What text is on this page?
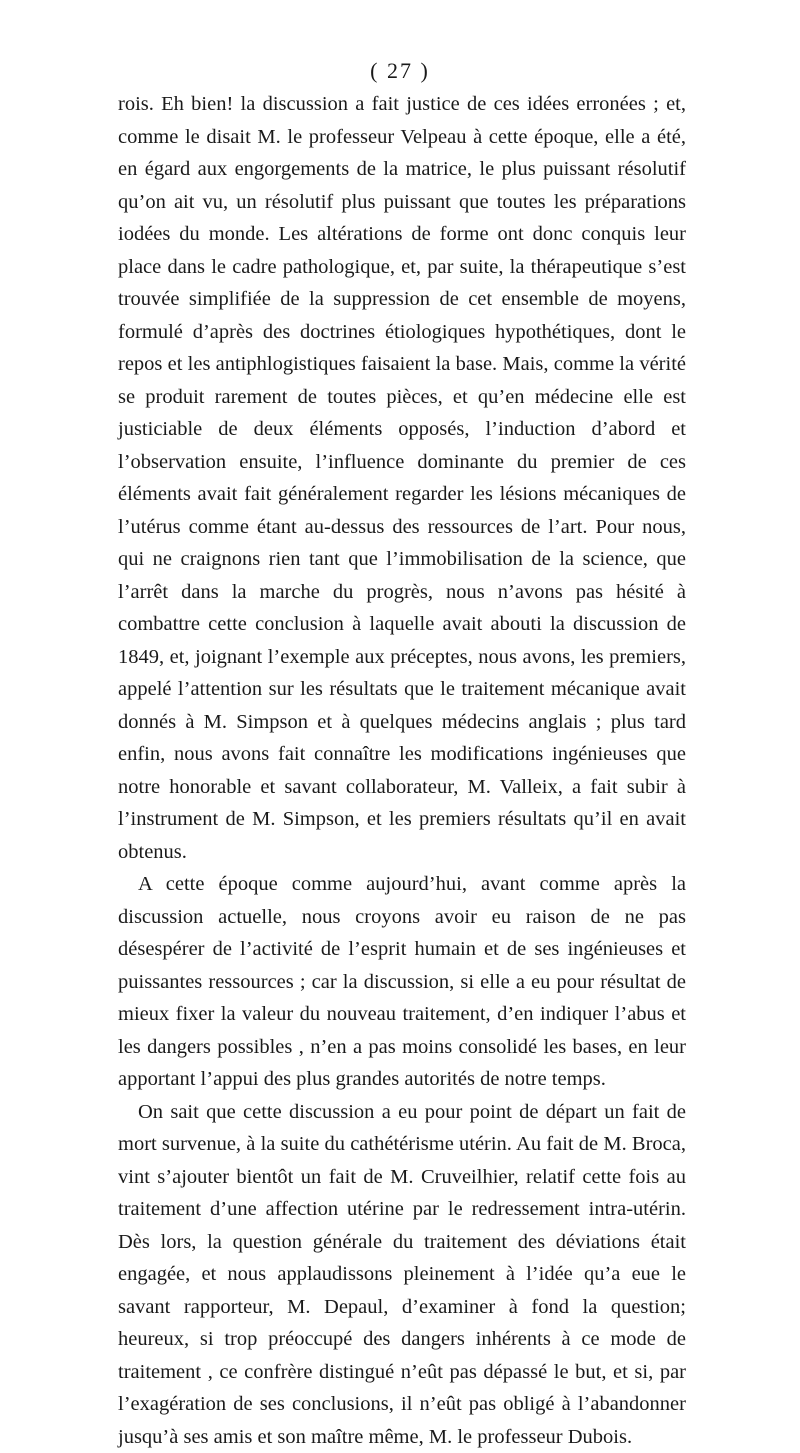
( 27 )

rois. Eh bien! la discussion a fait justice de ces idées erronées ; et, comme le disait M. le professeur Velpeau à cette époque, elle a été, en égard aux engorgements de la matrice, le plus puissant résolutif qu’on ait vu, un résolutif plus puissant que toutes les préparations iodées du monde. Les altérations de forme ont donc conquis leur place dans le cadre pathologique, et, par suite, la thérapeutique s’est trouvée simplifiée de la suppression de cet ensemble de moyens, formulé d’après des doctrines étiologiques hypothétiques, dont le repos et les antiphlogistiques faisaient la base. Mais, comme la vérité se produit rarement de toutes pièces, et qu’en médecine elle est justiciable de deux éléments opposés, l’induction d’abord et l’observation ensuite, l’influence dominante du premier de ces éléments avait fait généralement regarder les lésions mécaniques de l’utérus comme étant au-dessus des ressources de l’art. Pour nous, qui ne craignons rien tant que l’immobilisation de la science, que l’arrêt dans la marche du progrès, nous n’avons pas hésité à combattre cette conclusion à laquelle avait abouti la discussion de 1849, et, joignant l’exemple aux préceptes, nous avons, les premiers, appelé l’attention sur les résultats que le traitement mécanique avait donnés à M. Simpson et à quelques médecins anglais ; plus tard enfin, nous avons fait connaître les modifications ingénieuses que notre honorable et savant collaborateur, M. Valleix, a fait subir à l’instrument de M. Simpson, et les premiers résultats qu’il en avait obtenus.

A cette époque comme aujourd’hui, avant comme après la discussion actuelle, nous croyons avoir eu raison de ne pas désespérer de l’activité de l’esprit humain et de ses ingénieuses et puissantes ressources ; car la discussion, si elle a eu pour résultat de mieux fixer la valeur du nouveau traitement, d’en indiquer l’abus et les dangers possibles , n’en a pas moins consolidé les bases, en leur apportant l’appui des plus grandes autorités de notre temps.

On sait que cette discussion a eu pour point de départ un fait de mort survenue, à la suite du cathétérisme utérin. Au fait de M. Broca, vint s’ajouter bientôt un fait de M. Cruveilhier, relatif cette fois au traitement d’une affection utérine par le redressement intra-utérin. Dès lors, la question générale du traitement des déviations était engagée, et nous applaudissons pleinement à l’idée qu’a eue le savant rapporteur, M. Depaul, d’examiner à fond la question; heureux, si trop préoccupé des dangers inhérents à ce mode de traitement , ce confrère distingué n’eût pas dépassé le but, et si, par l’exagération de ses conclusions, il n’eût pas obligé à l’abandonner jusqu’à ses amis et son maître même, M. le professeur Dubois.
